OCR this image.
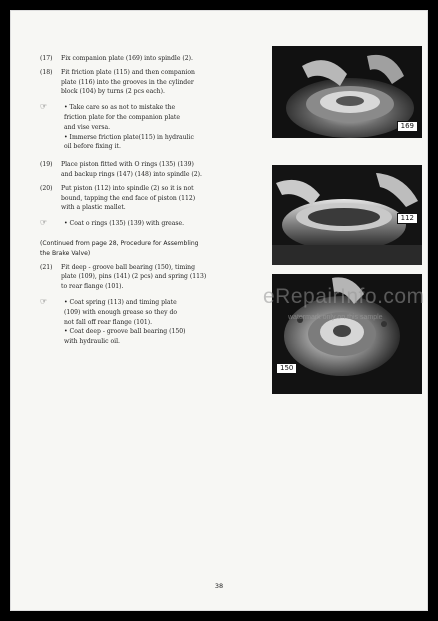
(17) Fix companion plate (169) into spindle (2).
(18) Fit friction plate (115) and then companion
plate (116) into the grooves in the cylinder
block (104) by turns (2 pcs each).
☞	• Take care so as not to mistake the
friction plate for the companion plate
and vise versa.
• Immerse friction plate(115) in hydraulic
oil before fixing it.
(19) Place piston fitted with O rings (135) (139)
and backup rings (147) (148) into spindle (2).
(20) Put piston (112) into spindle (2) so it is not
bound, tapping the end face of piston (112)
with a plastic mallet.
☞	• Coat o rings (135) (139) with grease.
(Continued from page 28, Procedure for Assembling
the Brake Valve)
(21) Fit deep - groove ball bearing (150), timing
plate (109), pins (141) (2 pcs) and spring (113)
to rear flange (101).
☞	• Coat spring (113) and timing plate
(109) with enough grease so they do
not fall off rear flange (101).
• Coat deep - groove ball bearing (150)
with hydraulic oil.
169
112
150
eRepairInfo.com
watermark only on this sample
38
